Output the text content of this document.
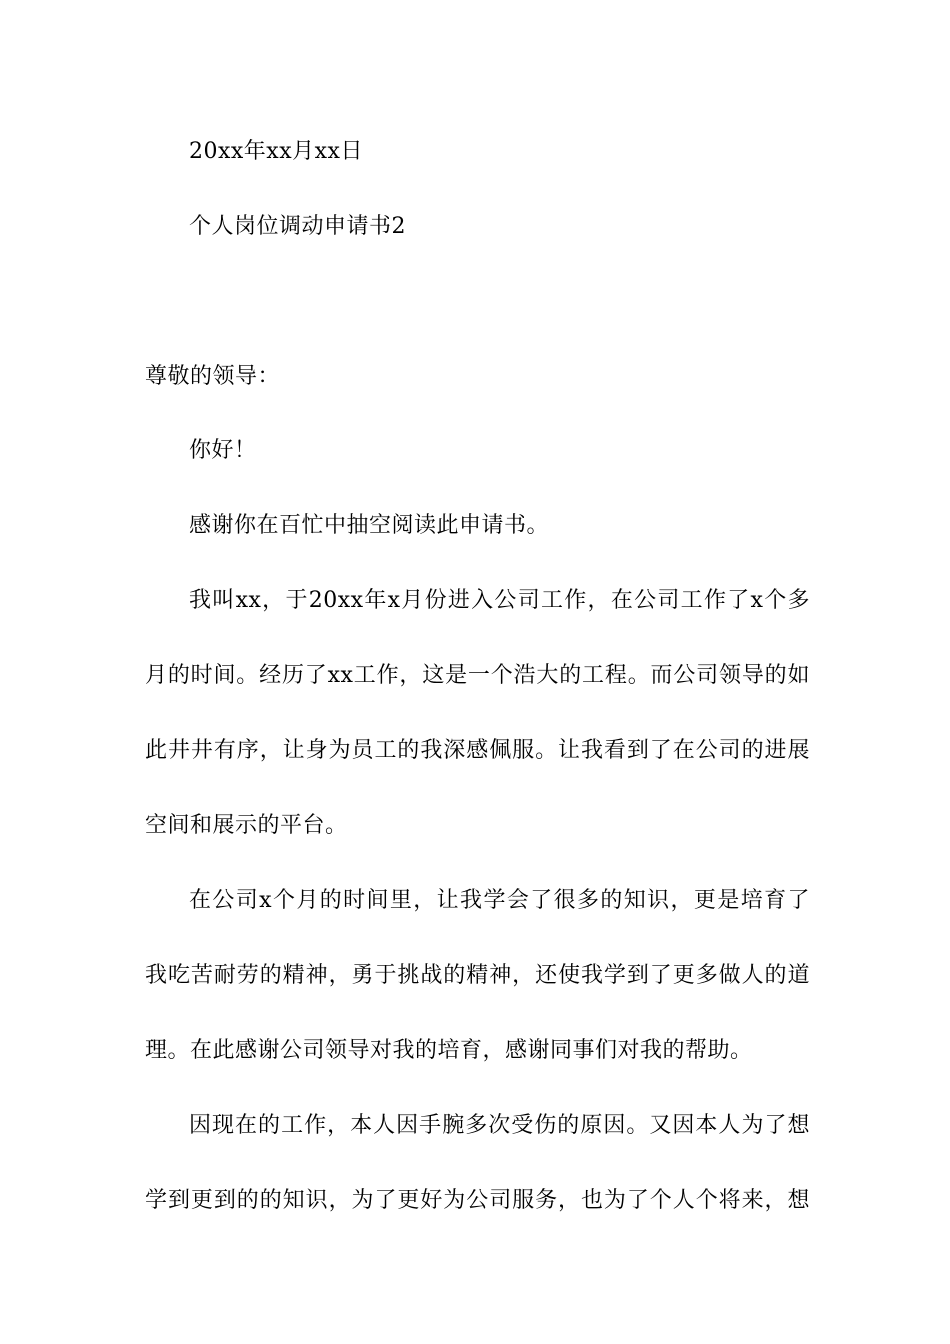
20xx年xx月xx日
个人岗位调动申请书2
尊敬的领导：
你好！
感谢你在百忙中抽空阅读此申请书。
我叫xx，于20xx年x月份进入公司工作，在公司工作了x个多
月的时间。经历了xx工作，这是一个浩大的工程。而公司领导的如
此井井有序，让身为员工的我深感佩服。让我看到了在公司的进展
空间和展示的平台。
在公司x个月的时间里，让我学会了很多的知识，更是培育了
我吃苦耐劳的精神，勇于挑战的精神，还使我学到了更多做人的道
理。在此感谢公司领导对我的培育，感谢同事们对我的帮助。
因现在的工作，本人因手腕多次受伤的原因。又因本人为了想
学到更到的的知识，为了更好为公司服务，也为了个人个将来，想
